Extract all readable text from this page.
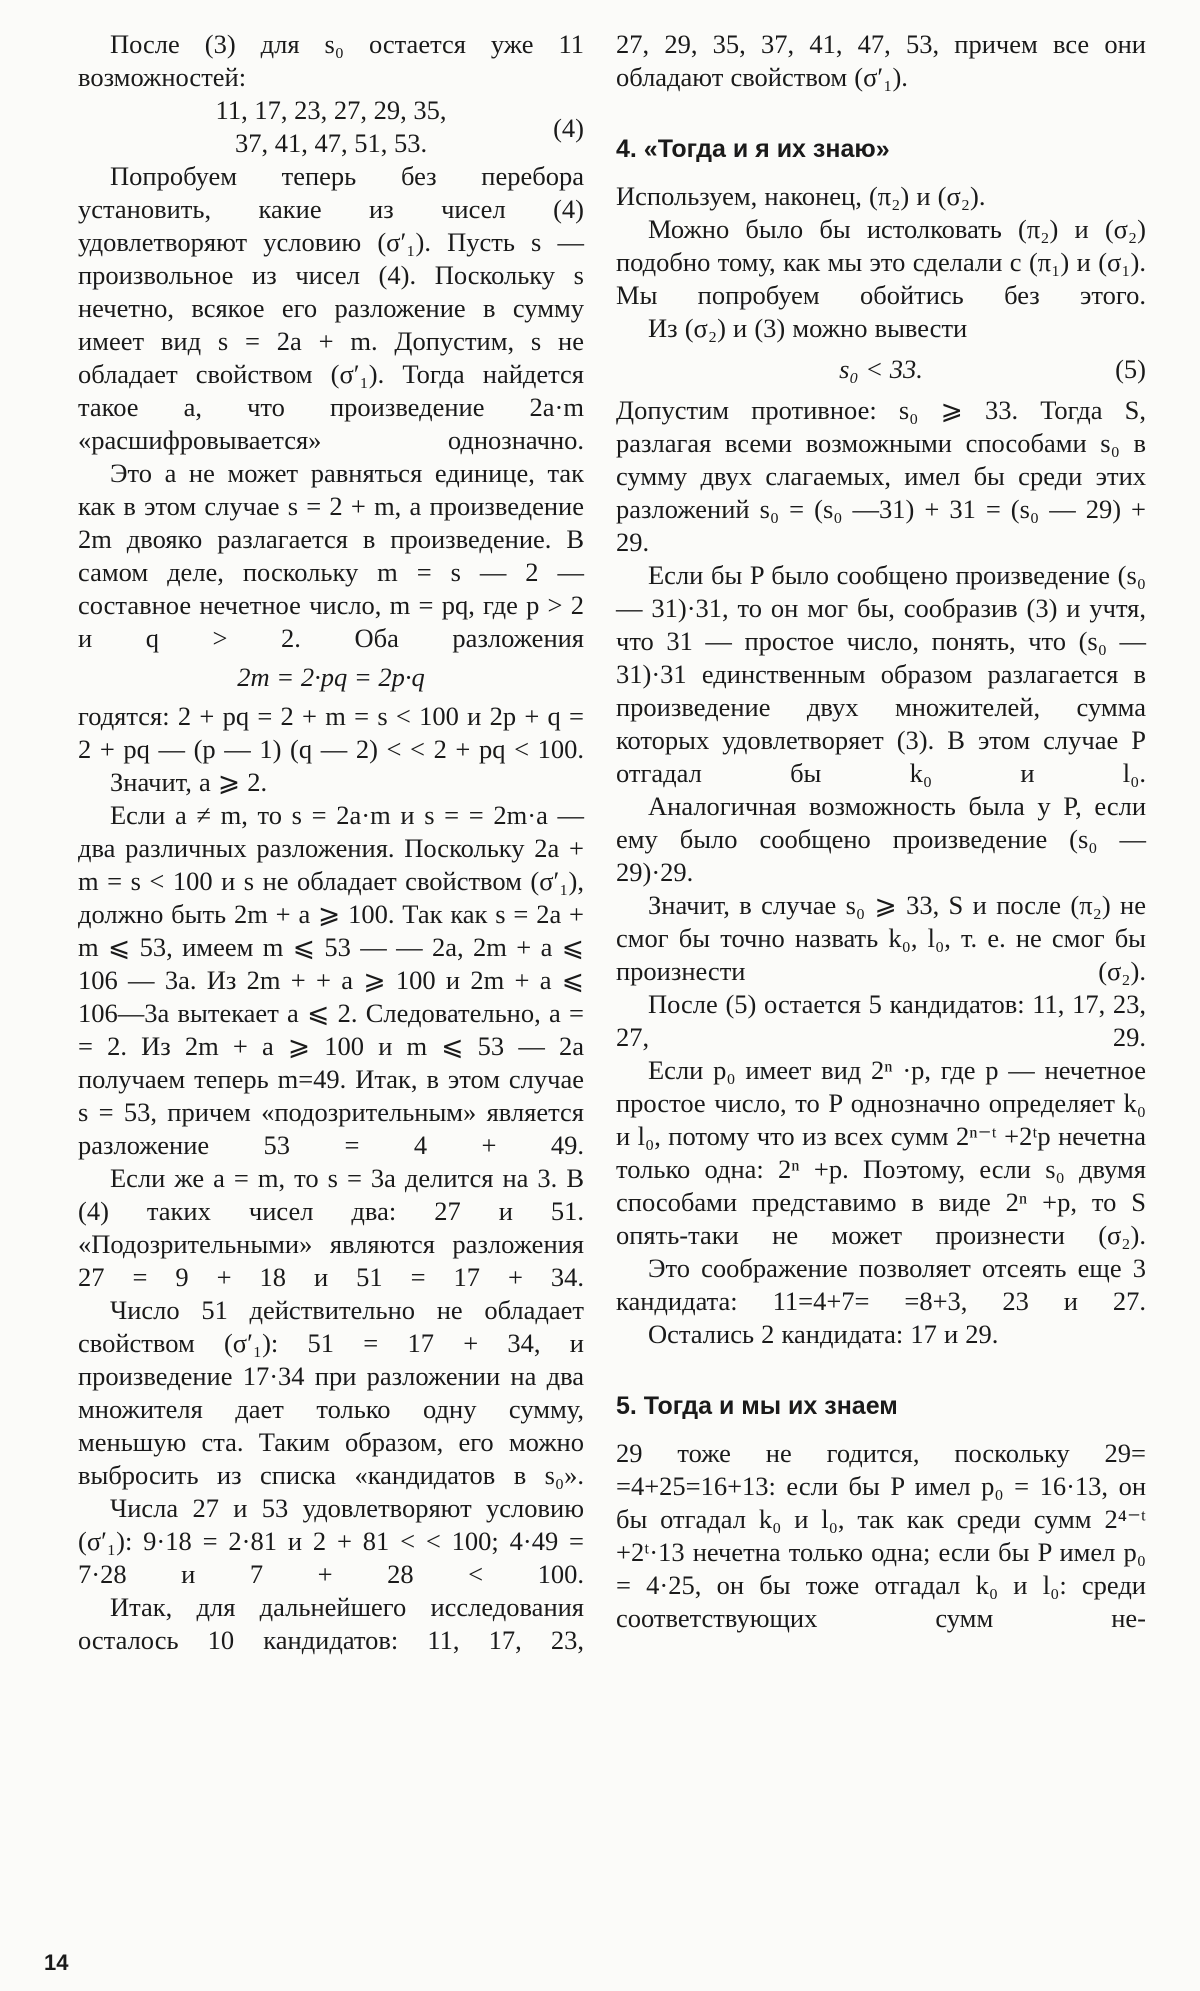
После (3) для s₀ остается уже 11 возможностей:

11, 17, 23, 27, 29, 35,
37, 41, 47, 51, 53.	(4)

Попробуем теперь без перебора установить, какие из чисел (4) удовлетворяют условию (σ′₁). Пусть s — произвольное из чисел (4). Поскольку s нечетно, всякое его разложение в сумму имеет вид s = 2a + m. Допустим, s не обладает свойством (σ′₁). Тогда найдется такое a, что произведение 2a·m «расшифровывается» однозначно.

Это a не может равняться единице, так как в этом случае s = 2 + m, а произведение 2m двояко разлагается в произведение. В самом деле, поскольку m = s — 2 — составное нечетное число, m = pq, где p > 2 и q > 2. Оба разложения

2m = 2·pq = 2p·q

годятся: 2 + pq = 2 + m = s < 100 и 2p + q = 2 + pq — (p — 1) (q — 2) < < 2 + pq < 100.

Значит, a ⩾ 2.

Если a ≠ m, то s = 2a·m и s = = 2m·a — два различных разложения. Поскольку 2a + m = s < 100 и s не обладает свойством (σ′₁), должно быть 2m + a ⩾ 100. Так как s = 2a + m ⩽ 53, имеем m ⩽ 53 — — 2a, 2m + a ⩽ 106 — 3a. Из 2m + + a ⩾ 100 и 2m + a ⩽ 106—3a вытекает a ⩽ 2. Следовательно, a = = 2. Из 2m + a ⩾ 100 и m ⩽ 53 — 2a получаем теперь m=49. Итак, в этом случае s = 53, причем «подозрительным» является разложение 53 = 4 + 49.

Если же a = m, то s = 3a делится на 3. В (4) таких чисел два: 27 и 51. «Подозрительными» являются разложения 27 = 9 + 18 и 51 = 17 + 34.

Число 51 действительно не обладает свойством (σ′₁): 51 = 17 + 34, и произведение 17·34 при разложении на два множителя дает только одну сумму, меньшую ста. Таким образом, его можно выбросить из списка «кандидатов в s₀».

Числа 27 и 53 удовлетворяют условию (σ′₁): 9·18 = 2·81 и 2 + 81 < < 100; 4·49 = 7·28 и 7 + 28 < 100.

Итак, для дальнейшего исследования осталось 10 кандидатов: 11, 17, 23,

27, 29, 35, 37, 41, 47, 53, причем все они обладают свойством (σ′₁).

4. «Тогда и я их знаю»

Используем, наконец, (π₂) и (σ₂).

Можно было бы истолковать (π₂) и (σ₂) подобно тому, как мы это сделали с (π₁) и (σ₁). Мы попробуем обойтись без этого.

Из (σ₂) и (3) можно вывести

s₀ < 33.	(5)

Допустим противное: s₀ ⩾ 33. Тогда S, разлагая всеми возможными способами s₀ в сумму двух слагаемых, имел бы среди этих разложений s₀ = (s₀ —31) + 31 = (s₀ — 29) + 29.

Если бы P было сообщено произведение (s₀ — 31)·31, то он мог бы, сообразив (3) и учтя, что 31 — простое число, понять, что (s₀ — 31)·31 единственным образом разлагается в произведение двух множителей, сумма которых удовлетворяет (3). В этом случае P отгадал бы k₀ и l₀.

Аналогичная возможность была у P, если ему было сообщено произведение (s₀ — 29)·29.

Значит, в случае s₀ ⩾ 33, S и после (π₂) не смог бы точно назвать k₀, l₀, т. е. не смог бы произнести (σ₂).

После (5) остается 5 кандидатов: 11, 17, 23, 27, 29.

Если p₀ имеет вид 2ⁿ ·p, где p — нечетное простое число, то P однозначно определяет k₀ и l₀, потому что из всех сумм 2ⁿ⁻ᵗ +2ᵗp нечетна только одна: 2ⁿ +p. Поэтому, если s₀ двумя способами представимо в виде 2ⁿ +p, то S опять-таки не может произнести (σ₂).

Это соображение позволяет отсеять еще 3 кандидата: 11=4+7= =8+3, 23 и 27.

Остались 2 кандидата: 17 и 29.

5. Тогда и мы их знаем

29 тоже не годится, поскольку 29= =4+25=16+13: если бы P имел p₀ = 16·13, он бы отгадал k₀ и l₀, так как среди сумм 2⁴⁻ᵗ +2ᵗ·13 нечетна только одна; если бы P имел p₀ = 4·25, он бы тоже отгадал k₀ и l₀: среди соответствующих сумм не-

14
